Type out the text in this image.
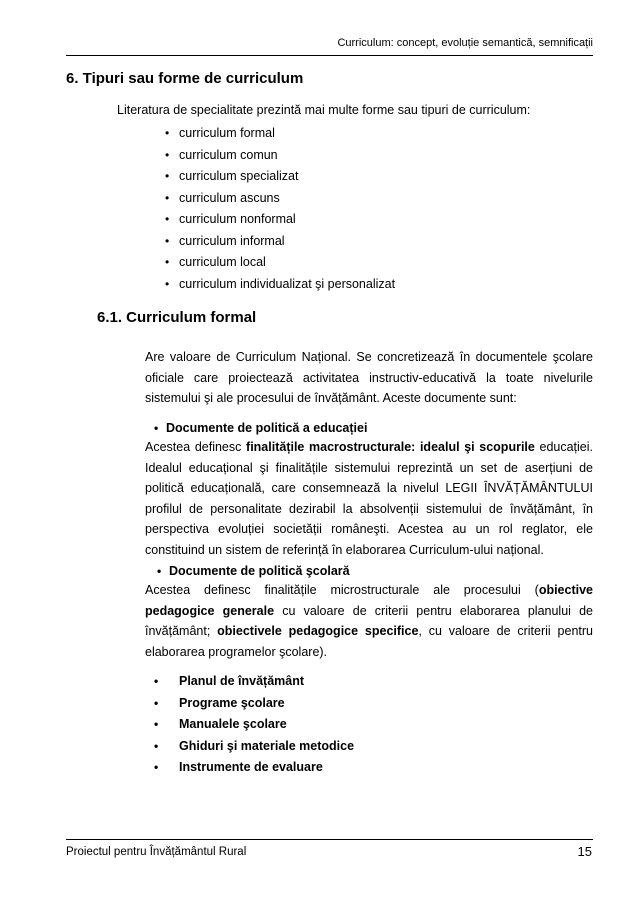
Curriculum: concept, evoluție semantică, semnificații
6. Tipuri sau forme de curriculum
Literatura de specialitate prezintă mai multe forme sau tipuri de curriculum:
• curriculum formal
• curriculum comun
• curriculum specializat
• curriculum ascuns
• curriculum nonformal
• curriculum informal
• curriculum local
• curriculum individualizat şi personalizat
6.1. Curriculum formal

Are valoare de Curriculum Național. Se concretizează în documentele şcolare oficiale care proiectează activitatea instructiv-educativă la toate nivelurile sistemului şi ale procesului de învățământ. Aceste documente sunt:

• Documente de politică a educației

Acestea definesc finalitățile macrostructurale: idealul şi scopurile educației. Idealul educațional şi finalitățile sistemului reprezintă un set de aserțiuni de politică educațională, care consemnează la nivelul LEGII ÎNVĂȚĂMÂNTULUI profilul de personalitate dezirabil la absolvenții sistemului de învățământ, în perspectiva evoluției societății româneşti. Acestea au un rol reglator, ele constituind un sistem de referință în elaborarea Curriculum-ului național.

• Documente de politică şcolară

Acestea definesc finalitățile microstructurale ale procesului (obiective pedagogice generale cu valoare de criterii pentru elaborarea planului de învățământ; obiectivele pedagogice specifice, cu valoare de criterii pentru elaborarea programelor şcolare).

• Planul de învățământ
• Programe şcolare
• Manualele şcolare
• Ghiduri şi materiale metodice
• Instrumente de evaluare
Proiectul pentru Învățământul Rural	15
